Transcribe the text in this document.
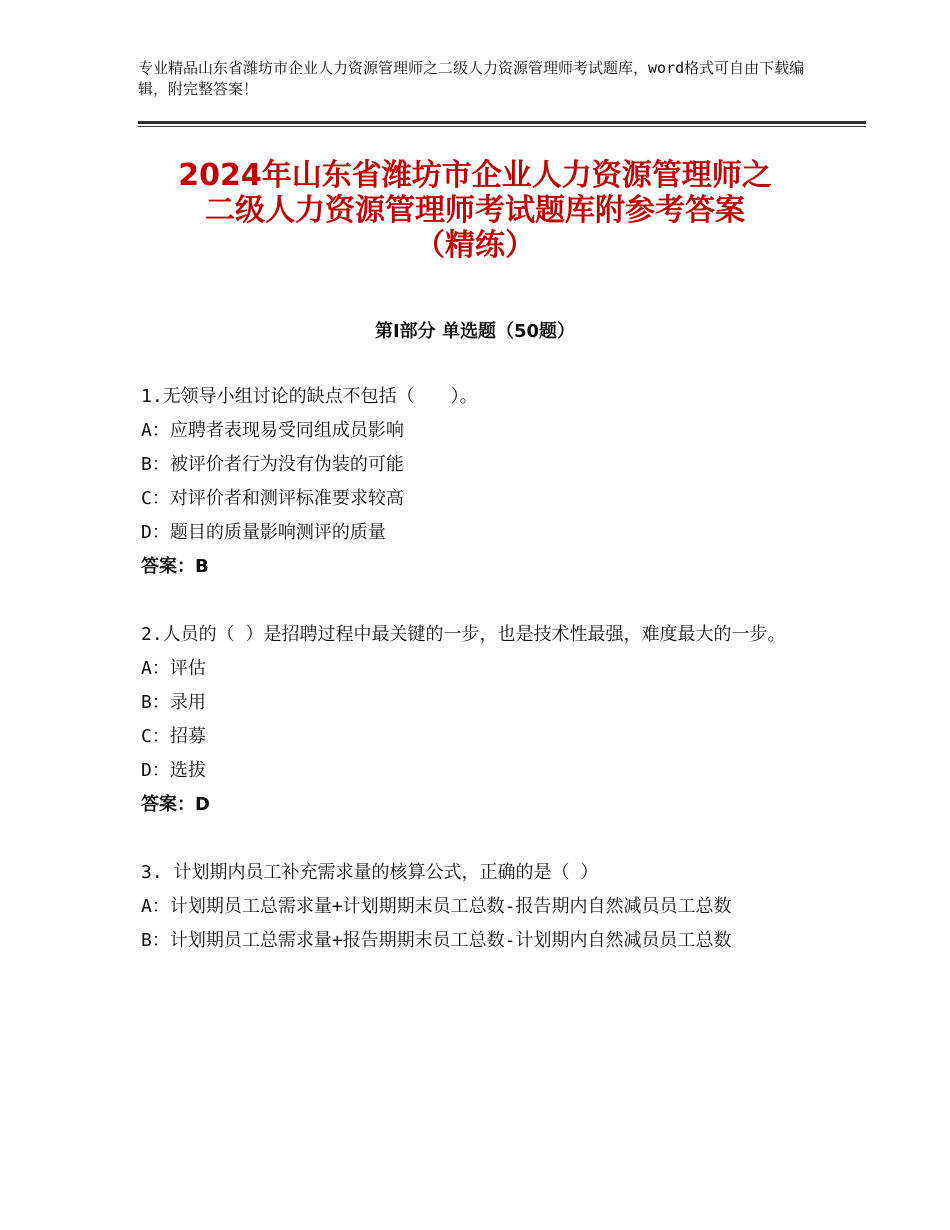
专业精品山东省潍坊市企业人力资源管理师之二级人力资源管理师考试题库，word格式可自由下载编辑，附完整答案！
2024年山东省潍坊市企业人力资源管理师之
二级人力资源管理师考试题库附参考答案
（精练）
第Ⅰ部分 单选题（50题）
1.无领导小组讨论的缺点不包括（　　）。
A：应聘者表现易受同组成员影响
B：被评价者行为没有伪装的可能
C：对评价者和测评标准要求较高
D：题目的质量影响测评的质量
答案：B
2.人员的（ ）是招聘过程中最关键的一步，也是技术性最强，难度最大的一步。
A：评估
B：录用
C：招募
D：选拔
答案：D
3. 计划期内员工补充需求量的核算公式，正确的是（ ）
A：计划期员工总需求量+计划期期末员工总数-报告期内自然减员员工总数
B：计划期员工总需求量+报告期期末员工总数-计划期内自然减员员工总数
